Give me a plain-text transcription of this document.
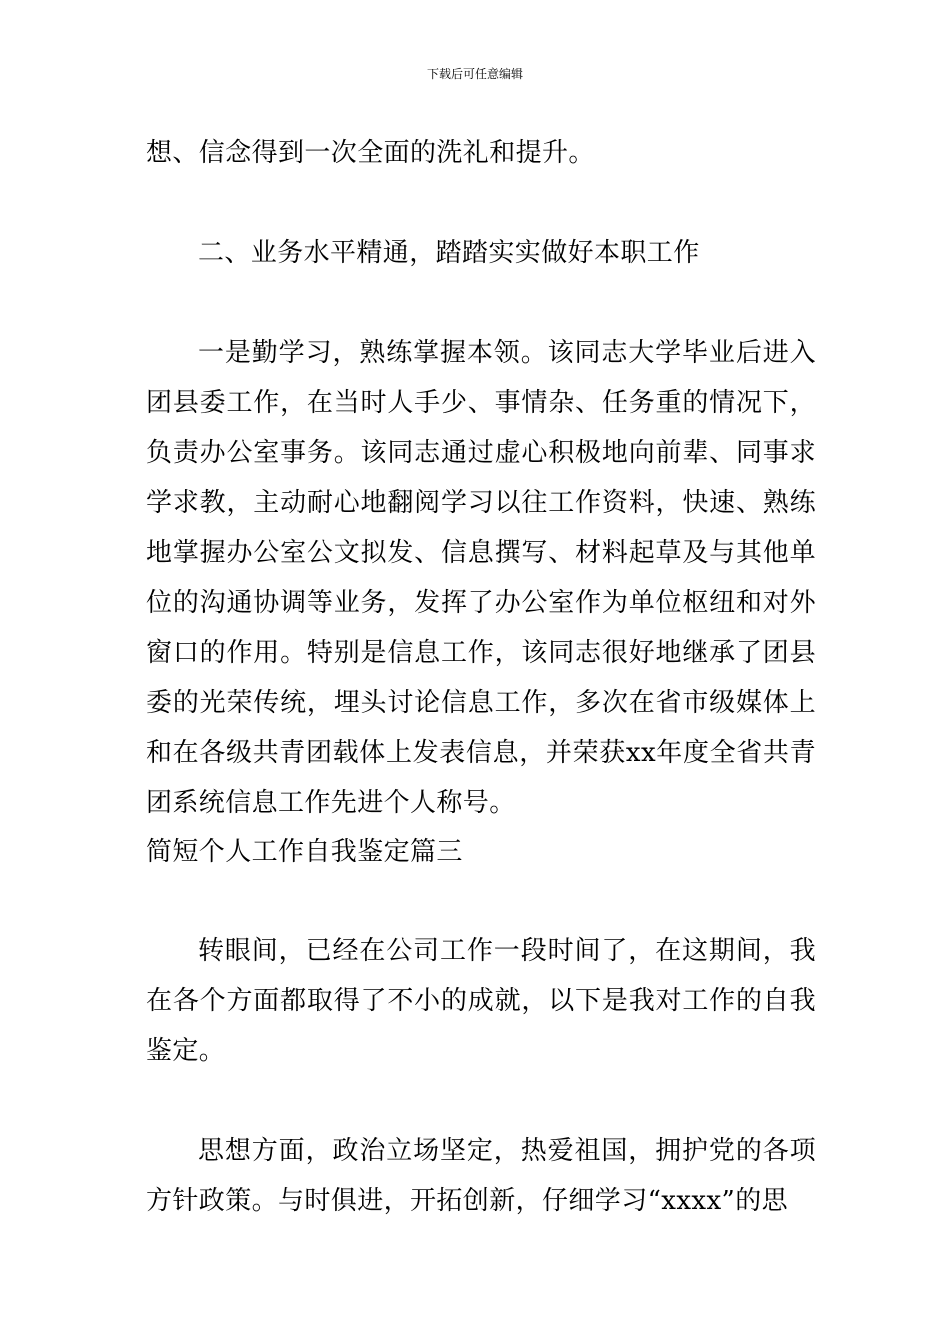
下载后可任意编辑

想、信念得到一次全面的洗礼和提升。

二、业务水平精通，踏踏实实做好本职工作

一是勤学习，熟练掌握本领。该同志大学毕业后进入团县委工作，在当时人手少、事情杂、任务重的情况下，负责办公室事务。该同志通过虚心积极地向前辈、同事求学求教，主动耐心地翻阅学习以往工作资料，快速、熟练地掌握办公室公文拟发、信息撰写、材料起草及与其他单位的沟通协调等业务，发挥了办公室作为单位枢纽和对外窗口的作用。特别是信息工作，该同志很好地继承了团县委的光荣传统，埋头讨论信息工作，多次在省市级媒体上和在各级共青团载体上发表信息，并荣获xx年度全省共青团系统信息工作先进个人称号。

简短个人工作自我鉴定篇三

转眼间，已经在公司工作一段时间了，在这期间，我在各个方面都取得了不小的成就，以下是我对工作的自我鉴定。

思想方面，政治立场坚定，热爱祖国，拥护党的各项方针政策。与时俱进，开拓创新，仔细学习“xxxx”的思
